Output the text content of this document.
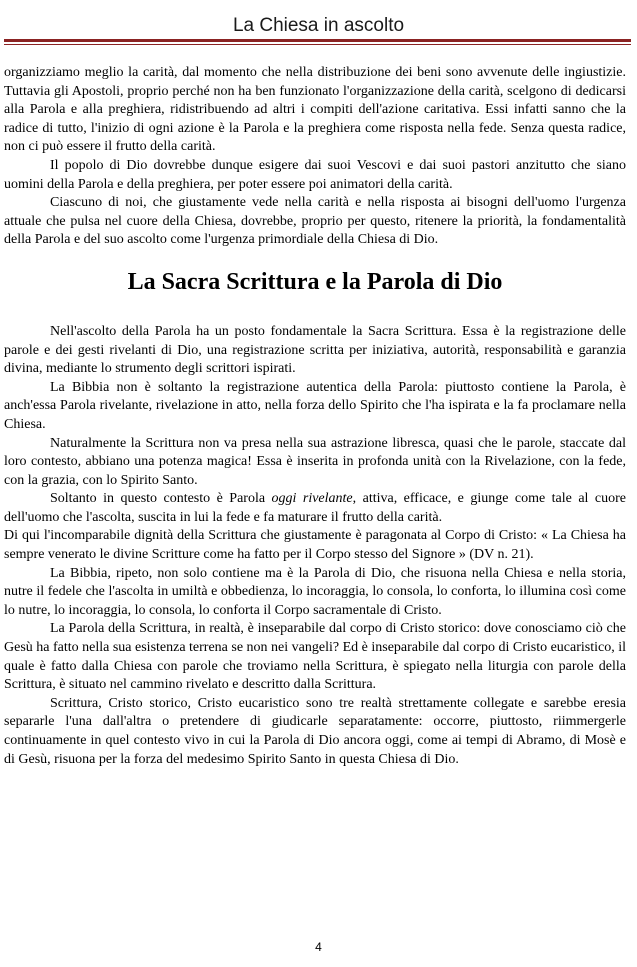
La Chiesa in ascolto

organizziamo meglio la carità, dal momento che nella distribuzione dei beni sono avvenute delle ingiustizie. Tuttavia gli Apostoli, proprio perché non ha ben funzionato l'organizzazione della carità, scelgono di dedicarsi alla Parola e alla preghiera, ridistribuendo ad altri i compiti dell'azione caritativa. Essi infatti sanno che la radice di tutto, l'inizio di ogni azione è la Parola e la preghiera come risposta nella fede. Senza questa radice, non ci può essere il frutto della carità.

Il popolo di Dio dovrebbe dunque esigere dai suoi Vescovi e dai suoi pastori anzitutto che siano uomini della Parola e della preghiera, per poter essere poi animatori della carità.

Ciascuno di noi, che giustamente vede nella carità e nella risposta ai bisogni dell'uomo l'urgenza attuale che pulsa nel cuore della Chiesa, dovrebbe, proprio per questo, ritenere la priorità, la fondamentalità della Parola e del suo ascolto come l'urgenza primordiale della Chiesa di Dio.

La Sacra Scrittura e la Parola di Dio

Nell'ascolto della Parola ha un posto fondamentale la Sacra Scrittura. Essa è la registrazione delle parole e dei gesti rivelanti di Dio, una registrazione scritta per iniziativa, autorità, responsabilità e garanzia divina, mediante lo strumento degli scrittori ispirati.

La Bibbia non è soltanto la registrazione autentica della Parola: piuttosto contiene la Parola, è anch'essa Parola rivelante, rivelazione in atto, nella forza dello Spirito che l'ha ispirata e la fa proclamare nella Chiesa.

Naturalmente la Scrittura non va presa nella sua astrazione libresca, quasi che le parole, staccate dal loro contesto, abbiano una potenza magica! Essa è inserita in profonda unità con la Rivelazione, con la fede, con la grazia, con lo Spirito Santo.

Soltanto in questo contesto è Parola oggi rivelante, attiva, efficace, e giunge come tale al cuore dell'uomo che l'ascolta, suscita in lui la fede e fa maturare il frutto della carità.

Di qui l'incomparabile dignità della Scrittura che giustamente è paragonata al Corpo di Cristo: « La Chiesa ha sempre venerato le divine Scritture come ha fatto per il Corpo stesso del Signore » (DV n. 21).

La Bibbia, ripeto, non solo contiene ma è la Parola di Dio, che risuona nella Chiesa e nella storia, nutre il fedele che l'ascolta in umiltà e obbedienza, lo incoraggia, lo consola, lo conforta, lo illumina così come lo nutre, lo incoraggia, lo consola, lo conforta il Corpo sacramentale di Cristo.

La Parola della Scrittura, in realtà, è inseparabile dal corpo di Cristo storico: dove conosciamo ciò che Gesù ha fatto nella sua esistenza terrena se non nei vangeli? Ed è inseparabile dal corpo di Cristo eucaristico, il quale è fatto dalla Chiesa con parole che troviamo nella Scrittura, è spiegato nella liturgia con parole della Scrittura, è situato nel cammino rivelato e descritto dalla Scrittura.

Scrittura, Cristo storico, Cristo eucaristico sono tre realtà strettamente collegate e sarebbe eresia separarle l'una dall'altra o pretendere di giudicarle separatamente: occorre, piuttosto, riimmergerle continuamente in quel contesto vivo in cui la Parola di Dio ancora oggi, come ai tempi di Abramo, di Mosè e di Gesù, risuona per la forza del medesimo Spirito Santo in questa Chiesa di Dio.

4
